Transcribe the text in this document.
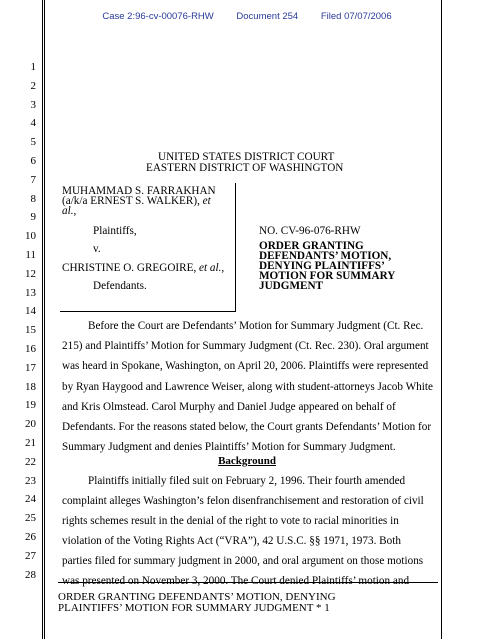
Case 2:96-cv-00076-RHW Document 254 Filed 07/07/2006
1
2
3
4
5
6
7
8
9
10
11
12
13
14
15
16
17
18
19
20
21
22
23
24
25
26
27
28
UNITED STATES DISTRICT COURT
EASTERN DISTRICT OF WASHINGTON
MUHAMMAD S. FARRAKHAN
(a/k/a ERNEST S. WALKER), et
al.,
Plaintiffs,
v.
CHRISTINE O. GREGOIRE, et al.,
Defendants.
NO. CV-96-076-RHW
ORDER GRANTING
DEFENDANTS’ MOTION,
DENYING PLAINTIFFS’
MOTION FOR SUMMARY
JUDGMENT
Before the Court are Defendants’ Motion for Summary Judgment (Ct. Rec.
215) and Plaintiffs’ Motion for Summary Judgment (Ct. Rec. 230). Oral argument
was heard in Spokane, Washington, on April 20, 2006. Plaintiffs were represented
by Ryan Haygood and Lawrence Weiser, along with student-attorneys Jacob White
and Kris Olmstead. Carol Murphy and Daniel Judge appeared on behalf of
Defendants. For the reasons stated below, the Court grants Defendants’ Motion for
Summary Judgment and denies Plaintiffs’ Motion for Summary Judgment.
Background
Plaintiffs initially filed suit on February 2, 1996. Their fourth amended
complaint alleges Washington’s felon disenfranchisement and restoration of civil
rights schemes result in the denial of the right to vote to racial minorities in
violation of the Voting Rights Act (“VRA”), 42 U.S.C. §§ 1971, 1973. Both
parties filed for summary judgment in 2000, and oral argument on those motions
was presented on November 3, 2000. The Court denied Plaintiffs’ motion and
ORDER GRANTING DEFENDANTS’ MOTION, DENYING
PLAINTIFFS’ MOTION FOR SUMMARY JUDGMENT * 1
